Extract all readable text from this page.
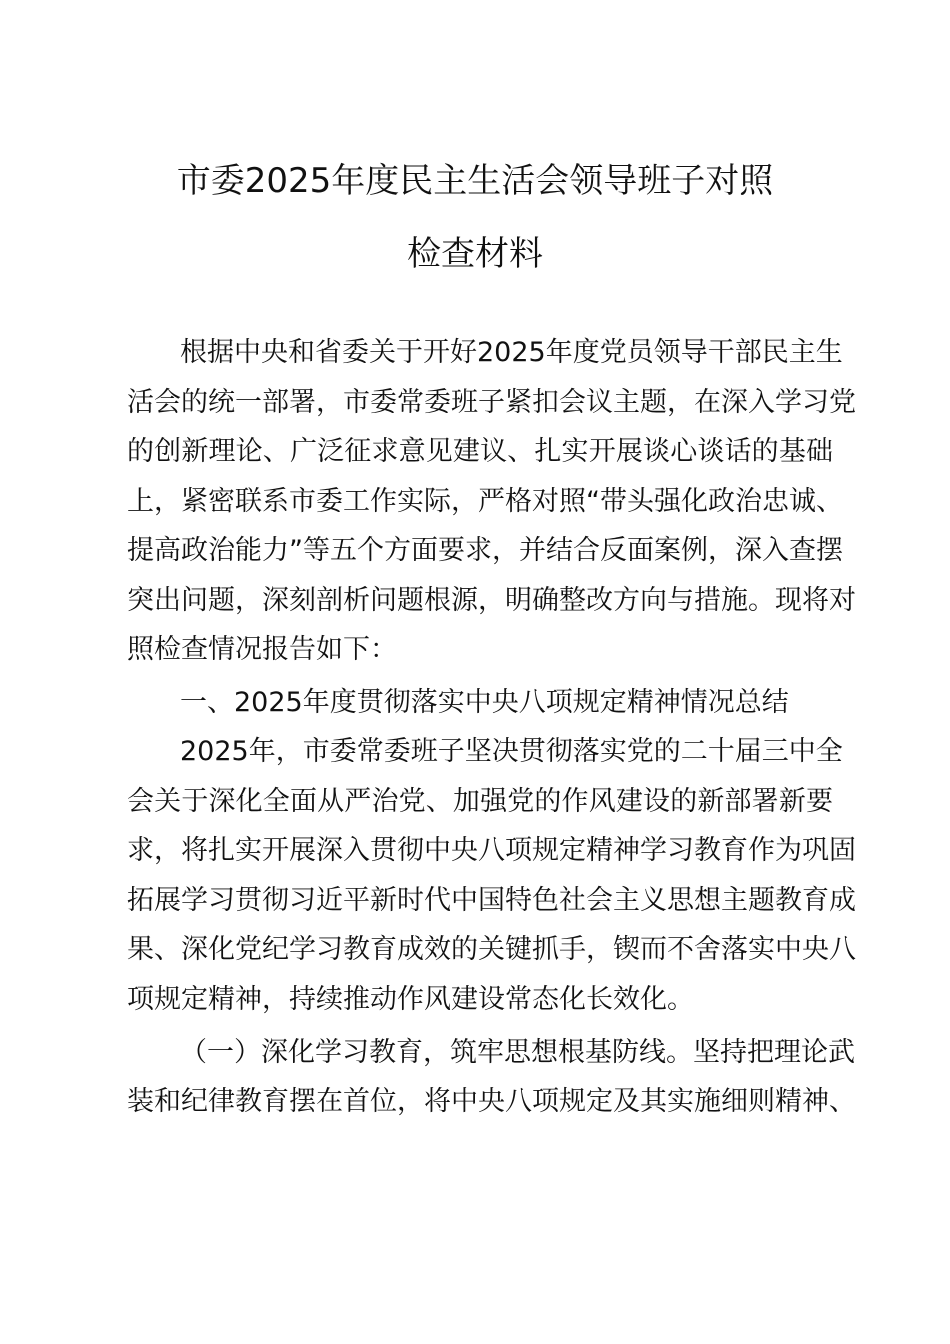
市委2025年度民主生活会领导班子对照
检查材料
根据中央和省委关于开好2025年度党员领导干部民主生
活会的统一部署，市委常委班子紧扣会议主题，在深入学习党
的创新理论、广泛征求意见建议、扎实开展谈心谈话的基础
上，紧密联系市委工作实际，严格对照“带头强化政治忠诚、
提高政治能力”等五个方面要求，并结合反面案例，深入查摆
突出问题，深刻剖析问题根源，明确整改方向与措施。现将对
照检查情况报告如下：
一、2025年度贯彻落实中央八项规定精神情况总结
2025年，市委常委班子坚决贯彻落实党的二十届三中全
会关于深化全面从严治党、加强党的作风建设的新部署新要
求，将扎实开展深入贯彻中央八项规定精神学习教育作为巩固
拓展学习贯彻习近平新时代中国特色社会主义思想主题教育成
果、深化党纪学习教育成效的关键抓手，锲而不舍落实中央八
项规定精神，持续推动作风建设常态化长效化。
（一）深化学习教育，筑牢思想根基防线。坚持把理论武
装和纪律教育摆在首位，将中央八项规定及其实施细则精神、
